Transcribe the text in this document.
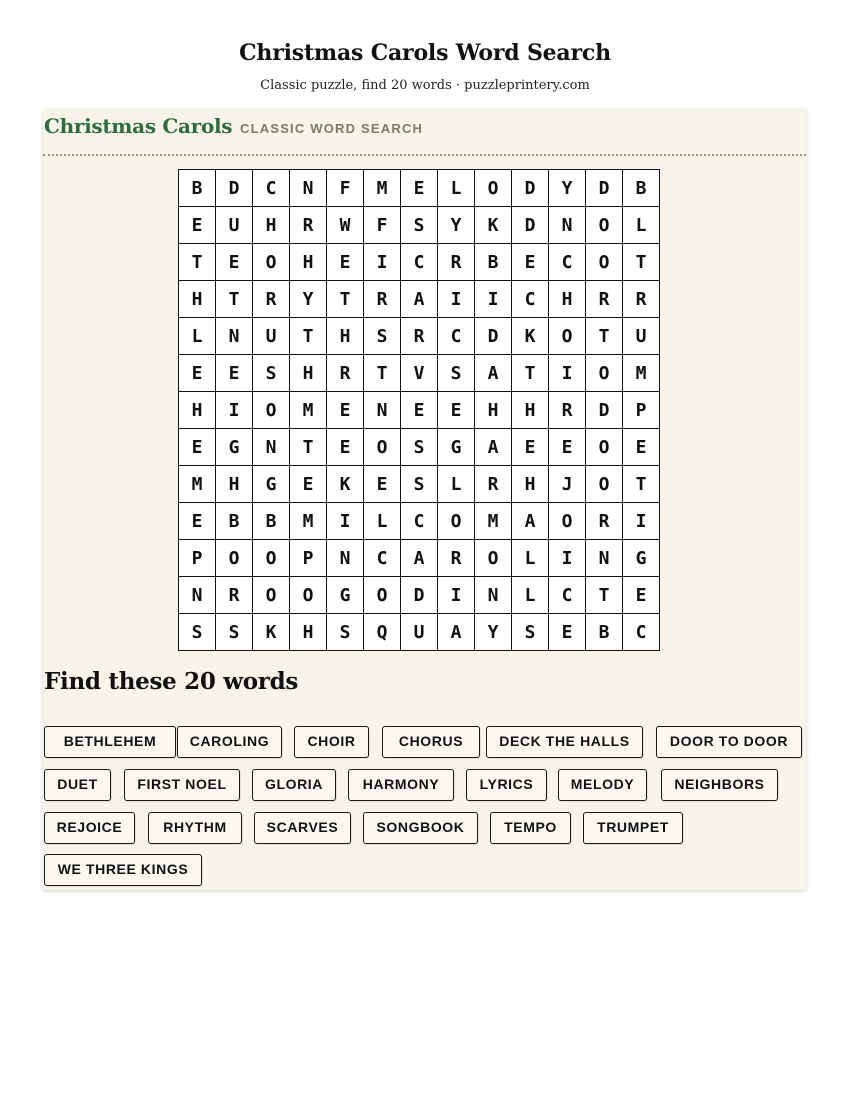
Christmas Carols Word Search
Classic puzzle, find 20 words · puzzleprintery.com
Christmas Carols CLASSIC WORD SEARCH
B	D	C	N	F	M	E	L	O	D	Y	D	B
E	U	H	R	W	F	S	Y	K	D	N	O	L
T	E	O	H	E	I	C	R	B	E	C	O	T
H	T	R	Y	T	R	A	I	I	C	H	R	R
L	N	U	T	H	S	R	C	D	K	O	T	U
E	E	S	H	R	T	V	S	A	T	I	O	M
H	I	O	M	E	N	E	E	H	H	R	D	P
E	G	N	T	E	O	S	G	A	E	E	O	E
M	H	G	E	K	E	S	L	R	H	J	O	T
E	B	B	M	I	L	C	O	M	A	O	R	I
P	O	O	P	N	C	A	R	O	L	I	N	G
N	R	O	O	G	O	D	I	N	L	C	T	E
S	S	K	H	S	Q	U	A	Y	S	E	B	C
Find these 20 words
BETHLEHEM	CAROLING	CHOIR	CHORUS	DECK THE HALLS	DOOR TO DOOR
DUET	FIRST NOEL	GLORIA	HARMONY	LYRICS	MELODY	NEIGHBORS
REJOICE	RHYTHM	SCARVES	SONGBOOK	TEMPO	TRUMPET
WE THREE KINGS
